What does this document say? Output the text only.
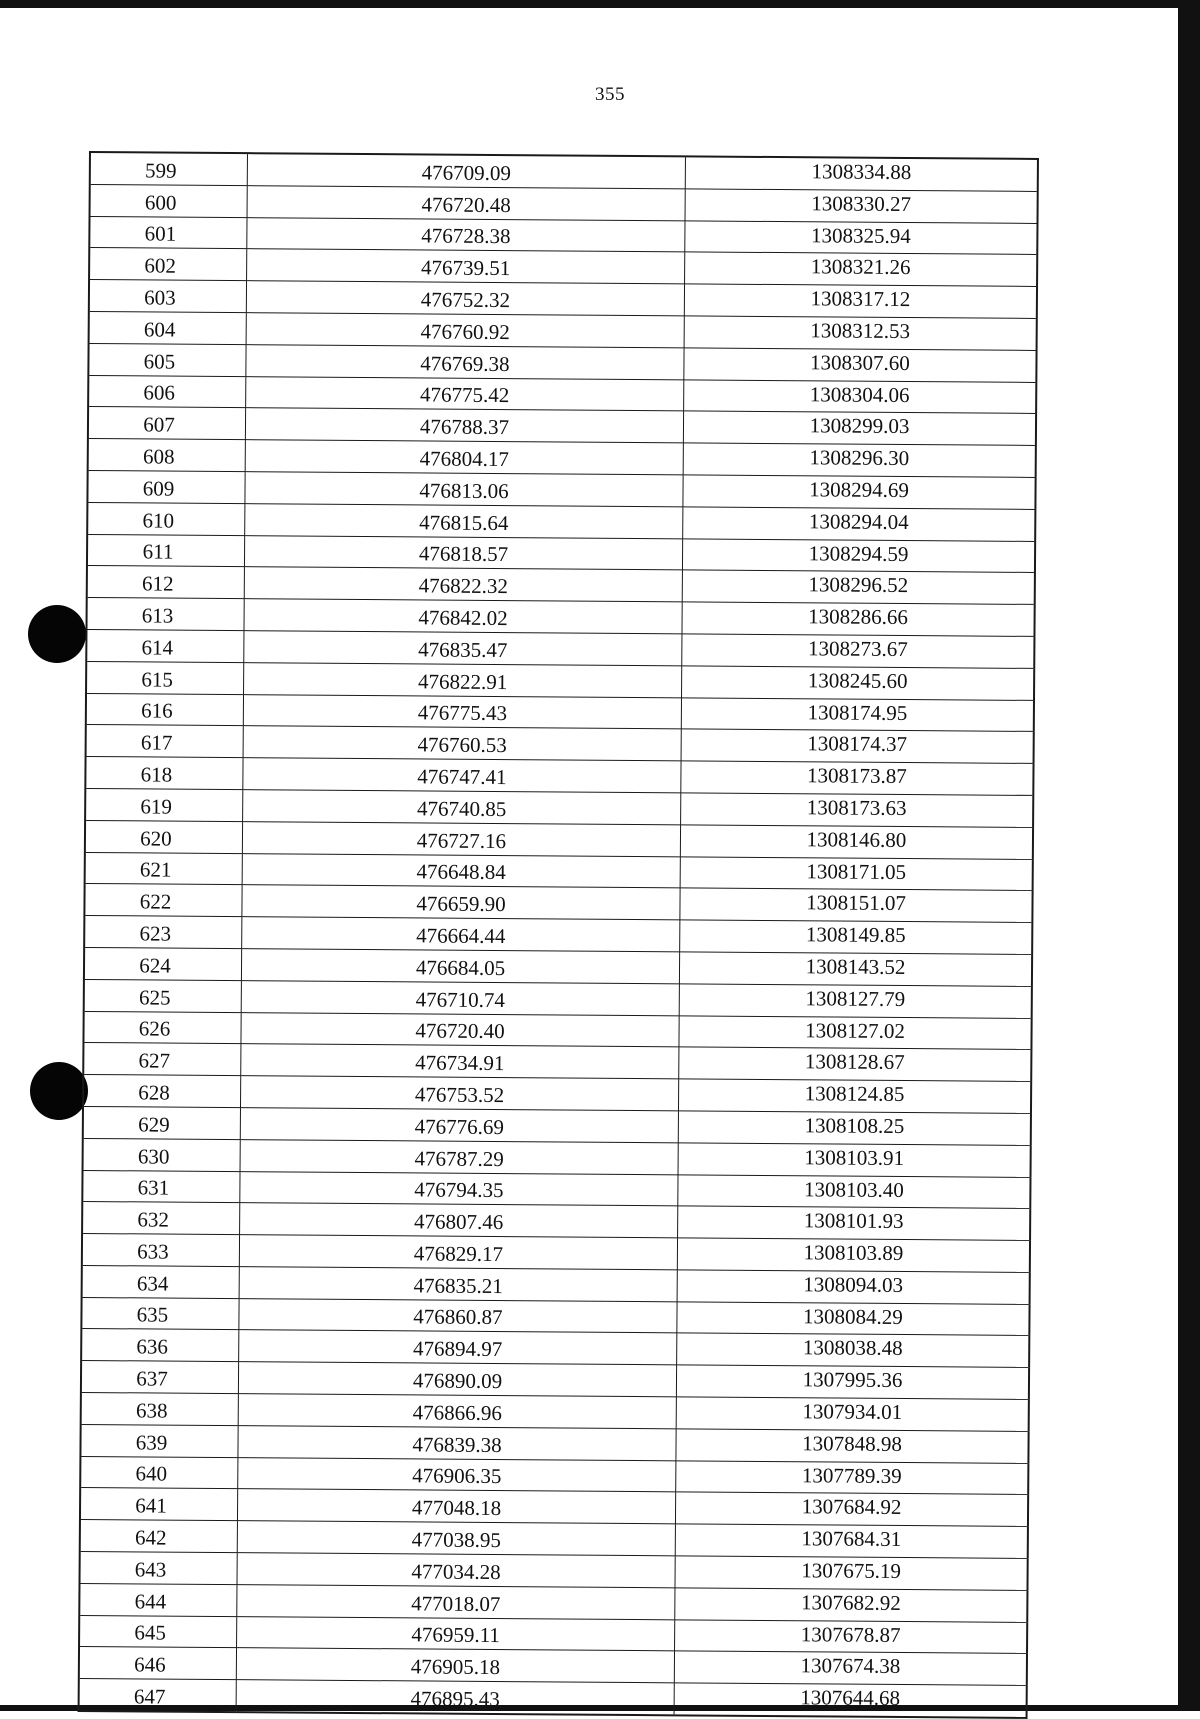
355
599	476709.09	1308334.88
600	476720.48	1308330.27
601	476728.38	1308325.94
602	476739.51	1308321.26
603	476752.32	1308317.12
604	476760.92	1308312.53
605	476769.38	1308307.60
606	476775.42	1308304.06
607	476788.37	1308299.03
608	476804.17	1308296.30
609	476813.06	1308294.69
610	476815.64	1308294.04
611	476818.57	1308294.59
612	476822.32	1308296.52
613	476842.02	1308286.66
614	476835.47	1308273.67
615	476822.91	1308245.60
616	476775.43	1308174.95
617	476760.53	1308174.37
618	476747.41	1308173.87
619	476740.85	1308173.63
620	476727.16	1308146.80
621	476648.84	1308171.05
622	476659.90	1308151.07
623	476664.44	1308149.85
624	476684.05	1308143.52
625	476710.74	1308127.79
626	476720.40	1308127.02
627	476734.91	1308128.67
628	476753.52	1308124.85
629	476776.69	1308108.25
630	476787.29	1308103.91
631	476794.35	1308103.40
632	476807.46	1308101.93
633	476829.17	1308103.89
634	476835.21	1308094.03
635	476860.87	1308084.29
636	476894.97	1308038.48
637	476890.09	1307995.36
638	476866.96	1307934.01
639	476839.38	1307848.98
640	476906.35	1307789.39
641	477048.18	1307684.92
642	477038.95	1307684.31
643	477034.28	1307675.19
644	477018.07	1307682.92
645	476959.11	1307678.87
646	476905.18	1307674.38
647	476895.43	1307644.68
